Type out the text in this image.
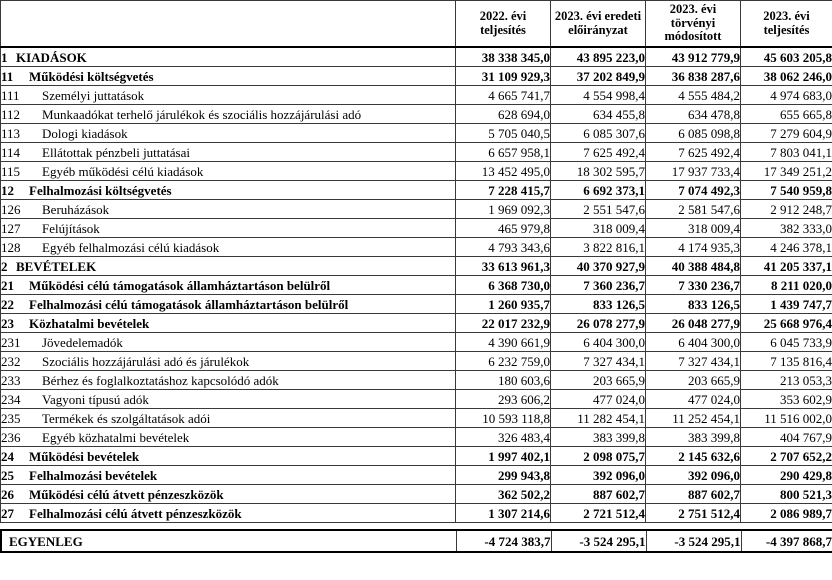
	2022. évi teljesítés	2023. évi eredeti előirányzat	2023. évi törvényi módosított	2023. évi teljesítés
1 KIADÁSOK	38 338 345,0	43 895 223,0	43 912 779,9	45 603 205,8
11 Működési költségvetés	31 109 929,3	37 202 849,9	36 838 287,6	38 062 246,0
111 Személyi juttatások	4 665 741,7	4 554 998,4	4 555 484,2	4 974 683,0
112 Munkaadókat terhelő járulékok és szociális hozzájárulási adó	628 694,0	634 455,8	634 478,8	655 665,8
113 Dologi kiadások	5 705 040,5	6 085 307,6	6 085 098,8	7 279 604,9
114 Ellátottak pénzbeli juttatásai	6 657 958,1	7 625 492,4	7 625 492,4	7 803 041,1
115 Egyéb működési célú kiadások	13 452 495,0	18 302 595,7	17 937 733,4	17 349 251,2
12 Felhalmozási költségvetés	7 228 415,7	6 692 373,1	7 074 492,3	7 540 959,8
126 Beruházások	1 969 092,3	2 551 547,6	2 581 547,6	2 912 248,7
127 Felújítások	465 979,8	318 009,4	318 009,4	382 333,0
128 Egyéb felhalmozási célú kiadások	4 793 343,6	3 822 816,1	4 174 935,3	4 246 378,1
2 BEVÉTELEK	33 613 961,3	40 370 927,9	40 388 484,8	41 205 337,1
21 Működési célú támogatások államháztartáson belülről	6 368 730,0	7 360 236,7	7 330 236,7	8 211 020,0
22 Felhalmozási célú támogatások államháztartáson belülről	1 260 935,7	833 126,5	833 126,5	1 439 747,7
23 Közhatalmi bevételek	22 017 232,9	26 078 277,9	26 048 277,9	25 668 976,4
231 Jövedelemadók	4 390 661,9	6 404 300,0	6 404 300,0	6 045 733,9
232 Szociális hozzájárulási adó és járulékok	6 232 759,0	7 327 434,1	7 327 434,1	7 135 816,4
233 Bérhez és foglalkoztatáshoz kapcsolódó adók	180 603,6	203 665,9	203 665,9	213 053,3
234 Vagyoni típusú adók	293 606,2	477 024,0	477 024,0	353 602,9
235 Termékek és szolgáltatások adói	10 593 118,8	11 282 454,1	11 252 454,1	11 516 002,0
236 Egyéb közhatalmi bevételek	326 483,4	383 399,8	383 399,8	404 767,9
24 Működési bevételek	1 997 402,1	2 098 075,7	2 145 632,6	2 707 652,2
25 Felhalmozási bevételek	299 943,8	392 096,0	392 096,0	290 429,8
26 Működési célú átvett pénzeszközök	362 502,2	887 602,7	887 602,7	800 521,3
27 Felhalmozási célú átvett pénzeszközök	1 307 214,6	2 721 512,4	2 751 512,4	2 086 989,7
EGYENLEG	-4 724 383,7	-3 524 295,1	-3 524 295,1	-4 397 868,7
